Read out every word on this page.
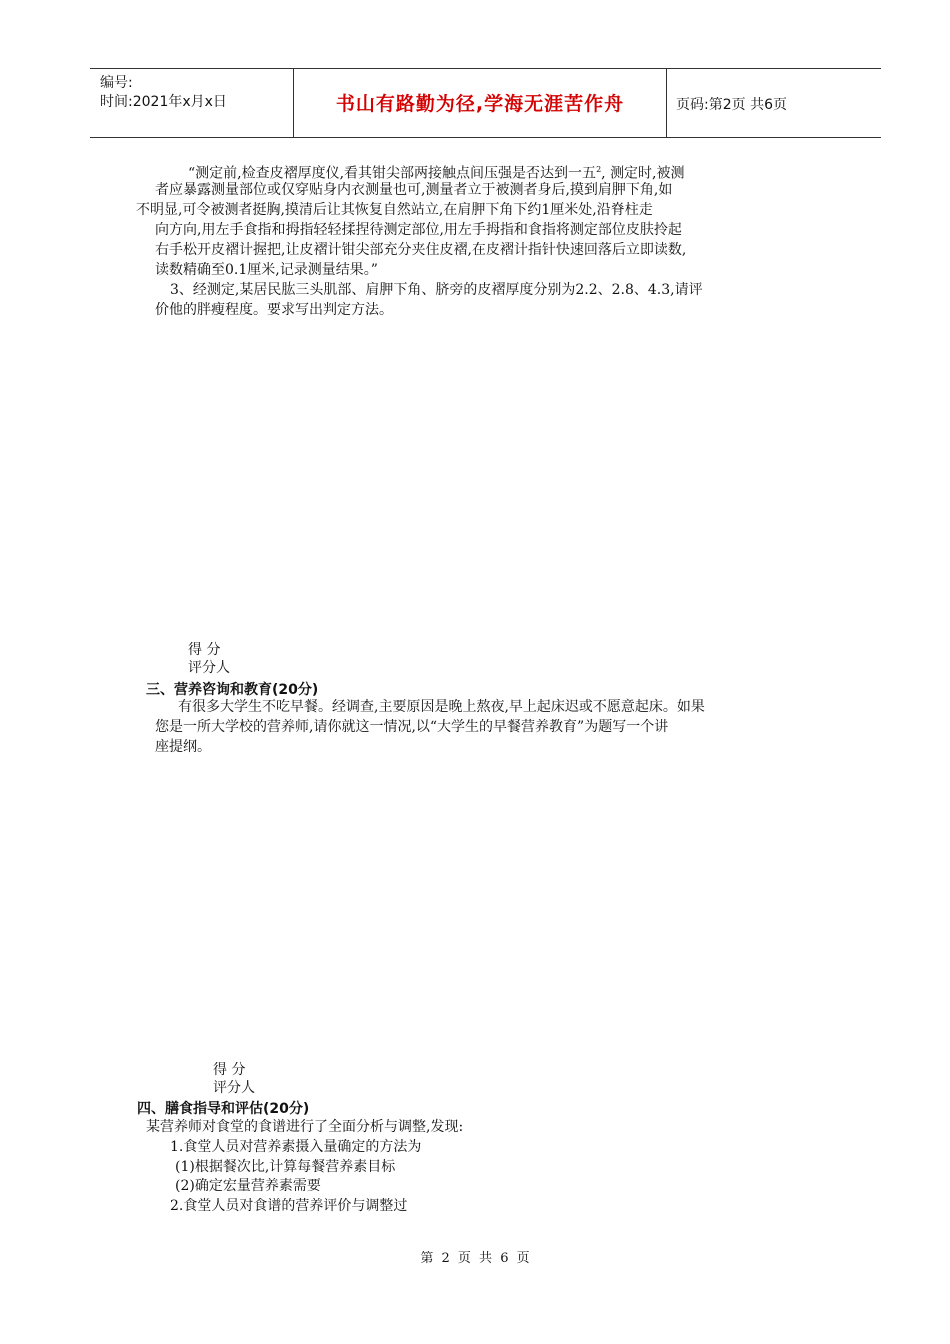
编号:
时间:2021年x月x日	书山有路勤为径,学海无涯苦作舟	页码:第2页 共6页
“测定前,检查皮褶厚度仪,看其钳尖部两接触点间压强是否达到一五$^2$, 测定时,被测
者应暴露测量部位或仅穿贴身内衣测量也可,测量者立于被测者身后,摸到肩胛下角,如
不明显,可令被测者挺胸,摸清后让其恢复自然站立,在肩胛下角下约1厘米处,沿脊柱走
向方向,用左手食指和拇指轻轻揉捏待测定部位,用左手拇指和食指将测定部位皮肤拎起
右手松开皮褶计握把,让皮褶计钳尖部充分夹住皮褶,在皮褶计指针快速回落后立即读数,
读数精确至0.1厘米,记录测量结果。”
3、经测定,某居民肱三头肌部、肩胛下角、脐旁的皮褶厚度分别为2.2、2.8、4.3,请评
价他的胖瘦程度。要求写出判定方法。
得 分
评分人
三、营养咨询和教育(20分)
有很多大学生不吃早餐。经调查,主要原因是晚上熬夜,早上起床迟或不愿意起床。如果
您是一所大学校的营养师,请你就这一情况,以“大学生的早餐营养教育”为题写一个讲
座提纲。
得 分
评分人
四、膳食指导和评估(20分)
某营养师对食堂的食谱进行了全面分析与调整,发现:
1.食堂人员对营养素摄入量确定的方法为
(1)根据餐次比,计算每餐营养素目标
(2)确定宏量营养素需要
2.食堂人员对食谱的营养评价与调整过
第 2 页 共 6 页
